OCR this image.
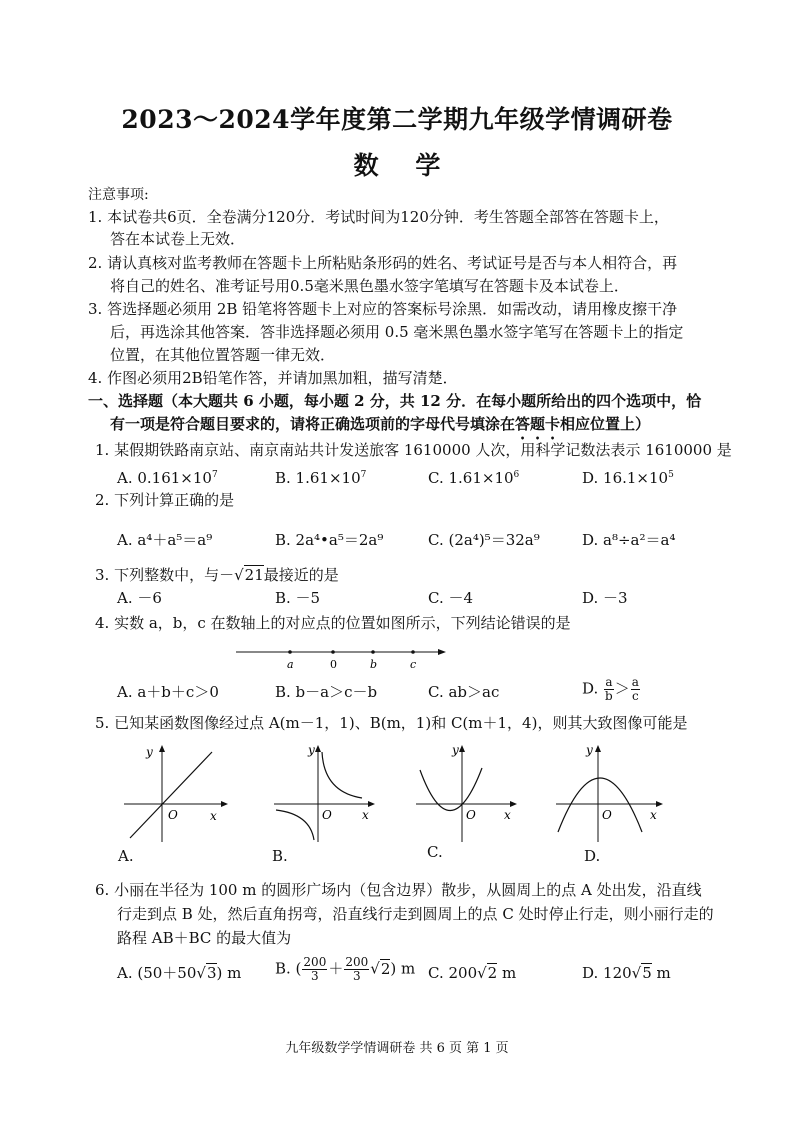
2023～2024学年度第二学期九年级学情调研卷
数 学
注意事项:
1. 本试卷共6页．全卷满分120分．考试时间为120分钟．考生答题全部答在答题卡上，
答在本试卷上无效．
2. 请认真核对监考教师在答题卡上所粘贴条形码的姓名、考试证号是否与本人相符合，再
将自己的姓名、准考证号用0.5毫米黑色墨水签字笔填写在答题卡及本试卷上．
3. 答选择题必须用 2B 铅笔将答题卡上对应的答案标号涂黑．如需改动，请用橡皮擦干净
后，再选涂其他答案．答非选择题必须用 0.5 毫米黑色墨水签字笔写在答题卡上的指定
位置，在其他位置答题一律无效．
4. 作图必须用2B铅笔作答，并请加黑加粗，描写清楚．
一、选择题（本大题共 6 小题，每小题 2 分，共 12 分．在每小题所给出的四个选项中，恰
有一项是符合题目要求的，请将正确选项前的字母代号填涂在答题卡相应位置上）
1. 某假期铁路南京站、南京南站共计发送旅客 1610000 人次，用科学记数法表示 1610000 是
A. $0.161\times 10^7$	B. $1.61\times 10^7$	C. $1.61\times 10^6$	D. $16.1\times 10^5$
2. 下列计算正确的是
A. a⁴＋a⁵＝a⁹	B. 2a⁴•a⁵＝2a⁹	C. (2a⁴)⁵＝32a⁹	D. a⁸÷a²＝a⁴
3. 下列整数中，与－√21最接近的是
A. －6	B. －5	C. －4	D. －3
4. 实数 a，b，c 在数轴上的对应点的位置如图所示，下列结论错误的是
a	0	b	c
A. a＋b＋c＞0	B. b－a＞c－b	C. ab＞ac	D. $\frac{a}{b} > \frac{a}{c}$
5. 已知某函数图像经过点 A(m－1，1)、B(m，1)和 C(m＋1，4)，则其大致图像可能是
y
O	x
A.
y
O	x
B.
y
O x
C.
y
O	x
D.
6. 小丽在半径为 100 m 的圆形广场内（包含边界）散步，从圆周上的点 A 处出发，沿直线
行走到点 B 处，然后直角拐弯，沿直线行走到圆周上的点 C 处时停止行走，则小丽行走的
路程 AB＋BC 的最大值为
A. (50＋50√3) m B. ( $\frac{200}{3} + \frac{200}{3} √2$) m C. 200√2 m	D. 120√5 m
九年级数学学情调研卷 共 6 页 第 1 页
